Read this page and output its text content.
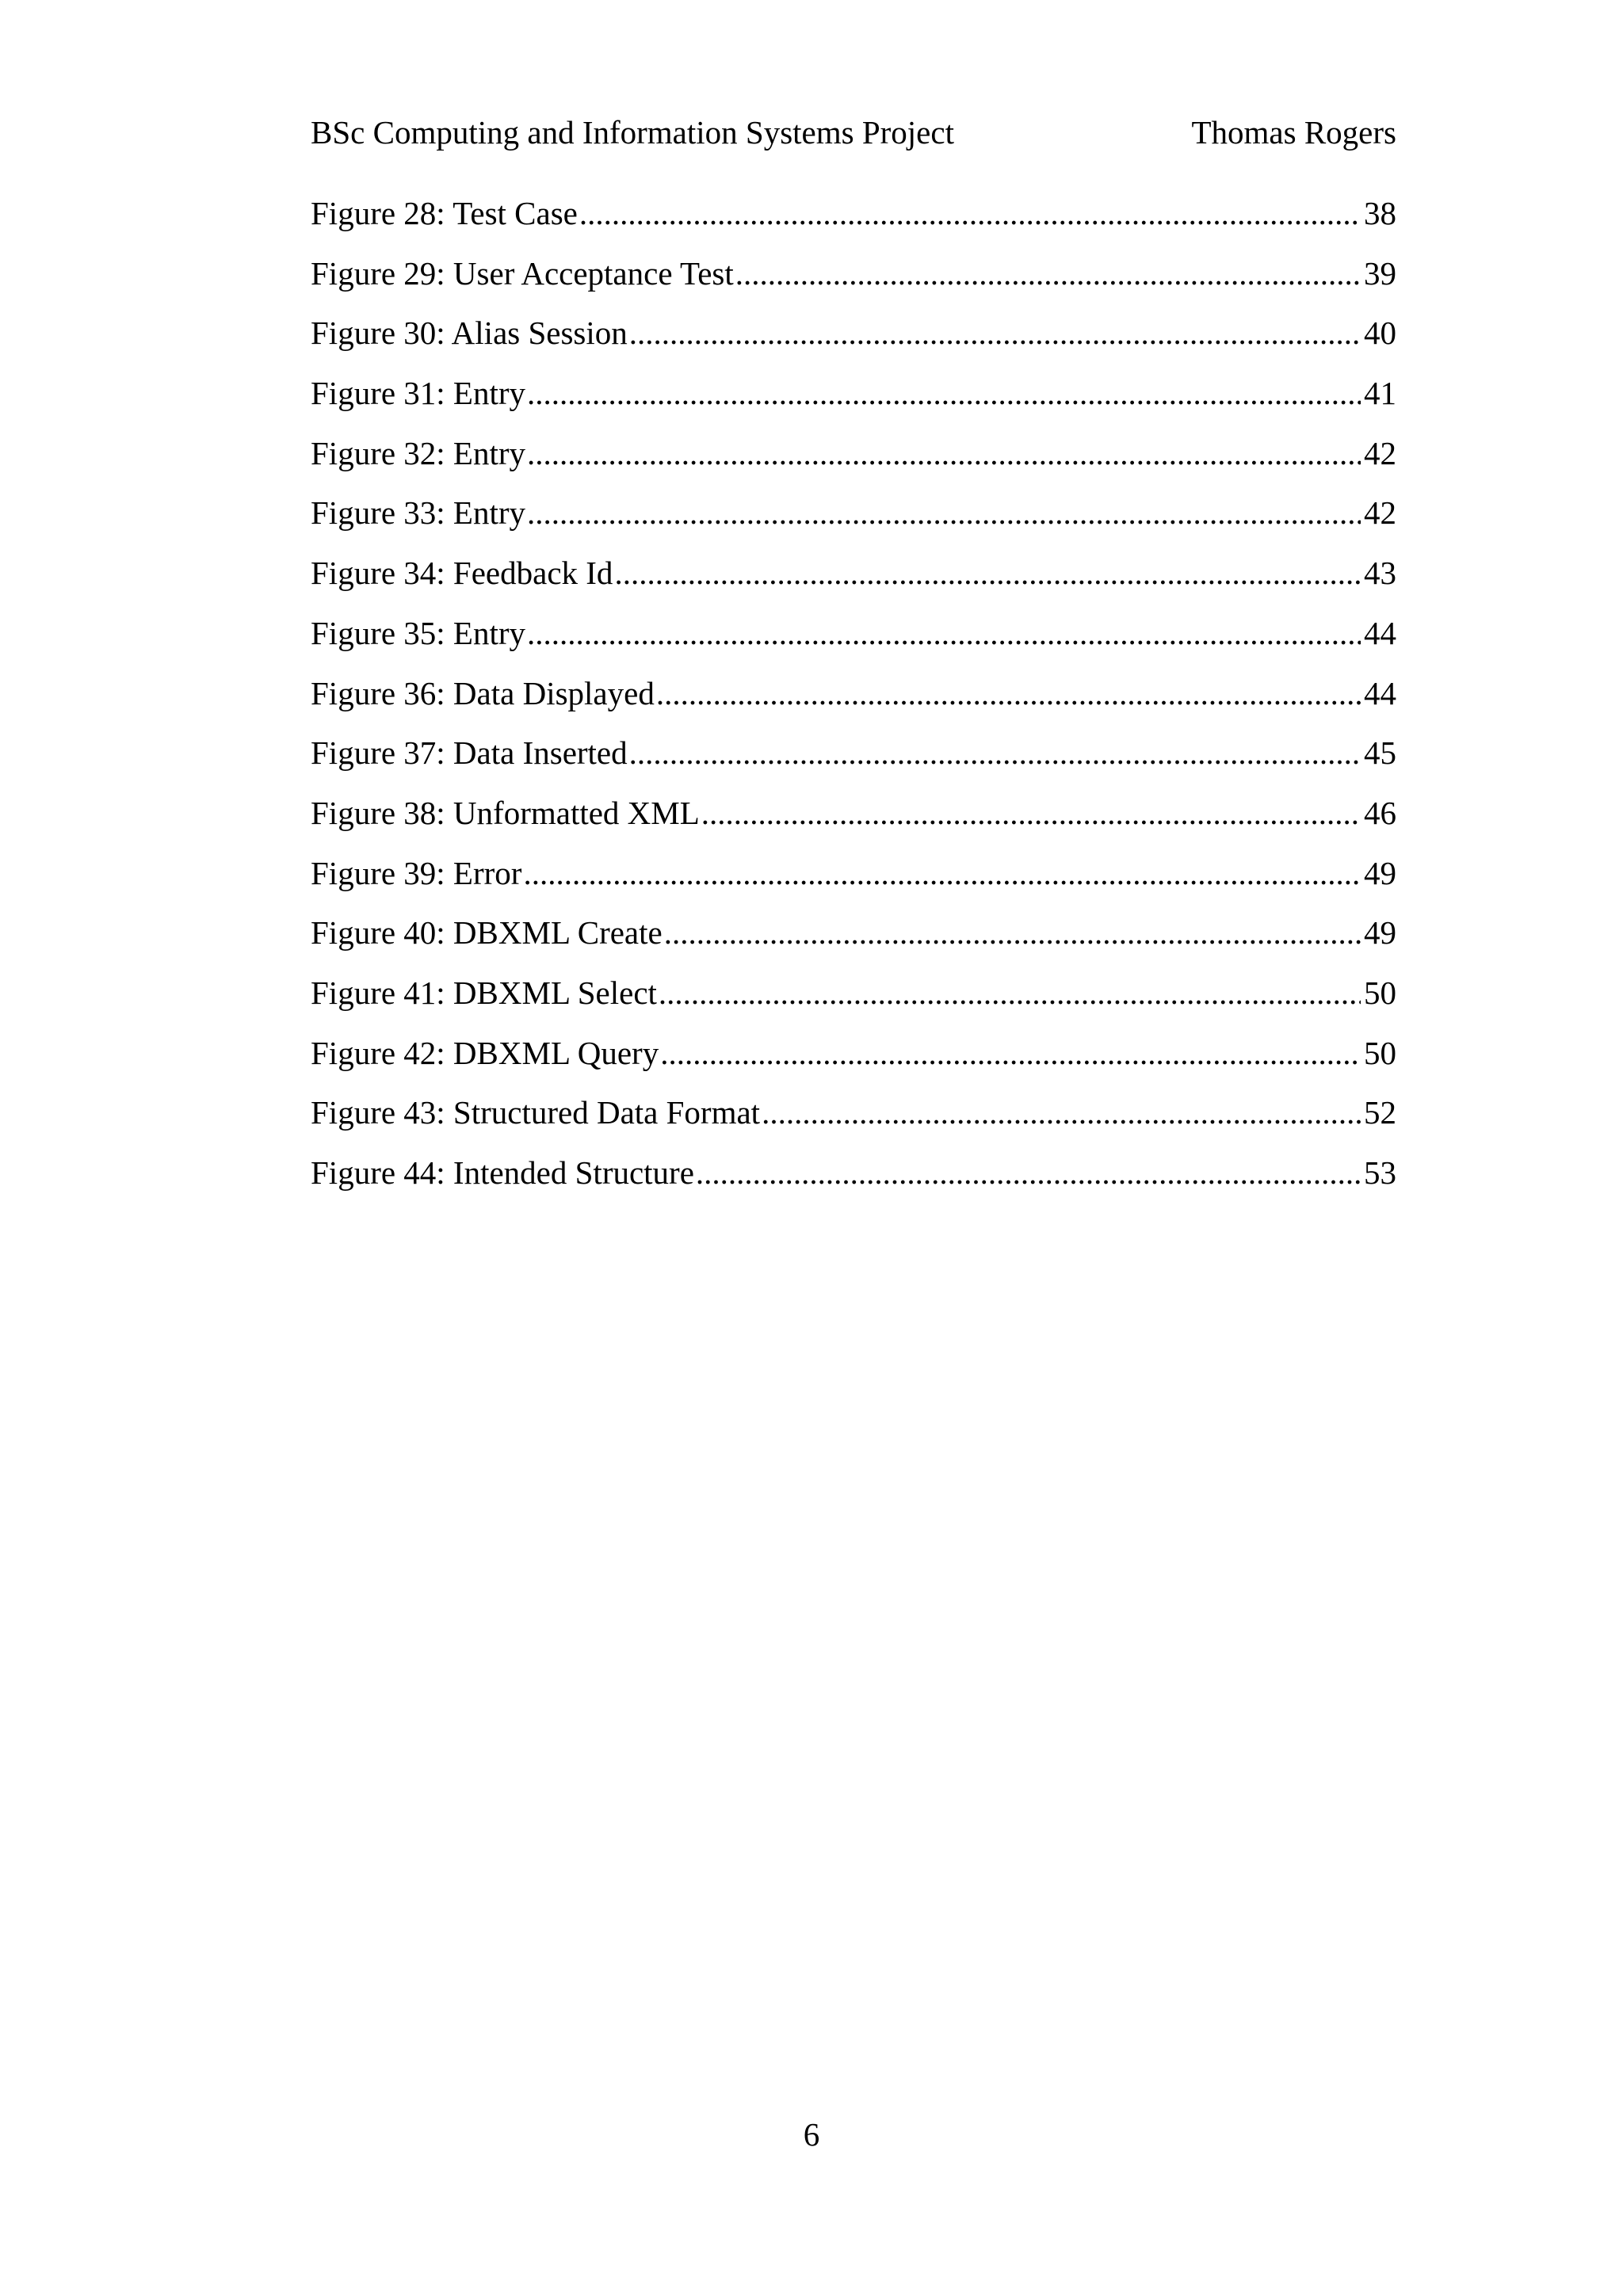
BSc Computing and Information Systems Project	Thomas Rogers
Figure 28: Test Case .....	38
Figure 29: User Acceptance Test .....	39
Figure 30: Alias Session .....	40
Figure 31: Entry .....	41
Figure 32: Entry .....	42
Figure 33: Entry .....	42
Figure 34: Feedback Id .....	43
Figure 35: Entry .....	44
Figure 36: Data Displayed .....	44
Figure 37: Data Inserted .....	45
Figure 38: Unformatted XML .....	46
Figure 39: Error .....	49
Figure 40: DBXML Create .....	49
Figure 41: DBXML Select .....	50
Figure 42: DBXML Query .....	50
Figure 43: Structured Data Format .....	52
Figure 44: Intended Structure .....	53
6
